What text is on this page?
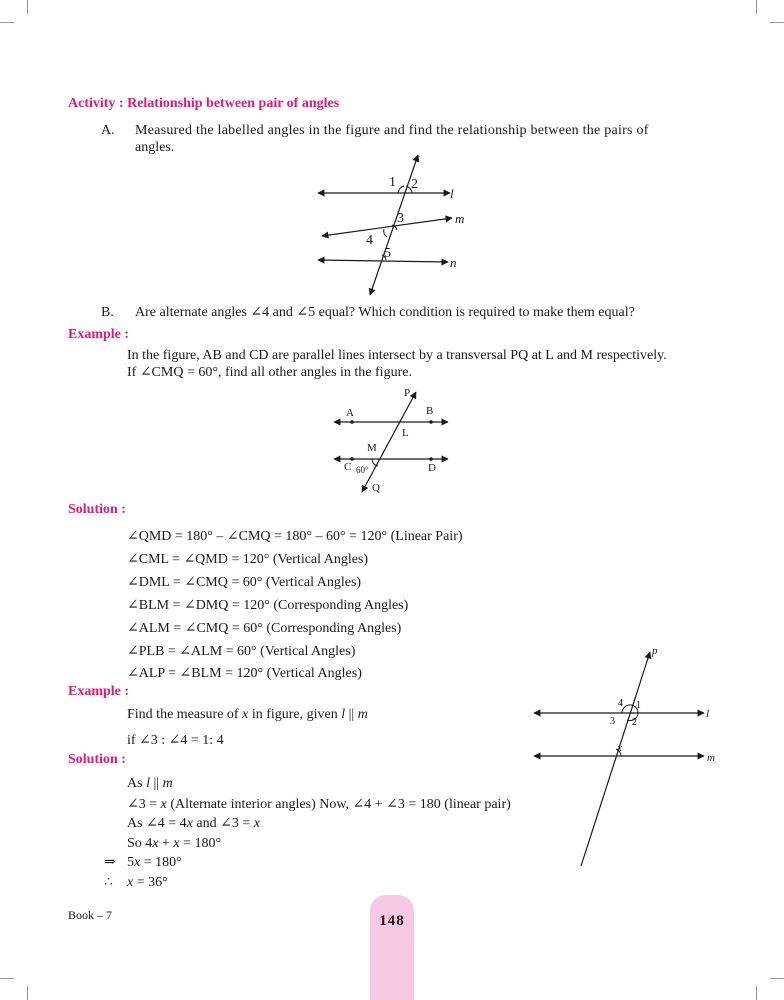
Activity : Relationship between pair of angles
A. Measured the labelled angles in the figure and find the relationship between the pairs of
angles.
t
l
m
n
1 2
3
4
5
B. Are alternate angles ∠4 and ∠5 equal? Which condition is required to make them equal?
Example :
In the figure, AB and CD are parallel lines intersect by a transversal PQ at L and M respectively.
If ∠CMQ = 60°, find all other angles in the figure.
P
A	B
L
M
C	D
Q
60°
Solution :
∠QMD = 180° – ∠CMQ = 180° – 60° = 120° (Linear Pair)
∠CML = ∠QMD = 120° (Vertical Angles)
∠DML = ∠CMQ = 60° (Vertical Angles)
∠BLM = ∠DMQ = 120° (Corresponding Angles)
∠ALM = ∠CMQ = 60° (Corresponding Angles)
∠PLB = ∠ALM = 60° (Vertical Angles)
∠ALP = ∠BLM = 120° (Vertical Angles)
Example :
Find the measure of x in figure, given l || m
if ∠3 : ∠4 = 1: 4
p
l
m
x
1
2
3
4
Solution :
As l || m
∠3 = x (Alternate interior angles) Now, ∠4 + ∠3 = 180 (linear pair)
As ∠4 = 4x and ∠3 = x
So 4x + x = 180°
⇒ 5x = 180°
∴ x = 36°
Book – 7	148
